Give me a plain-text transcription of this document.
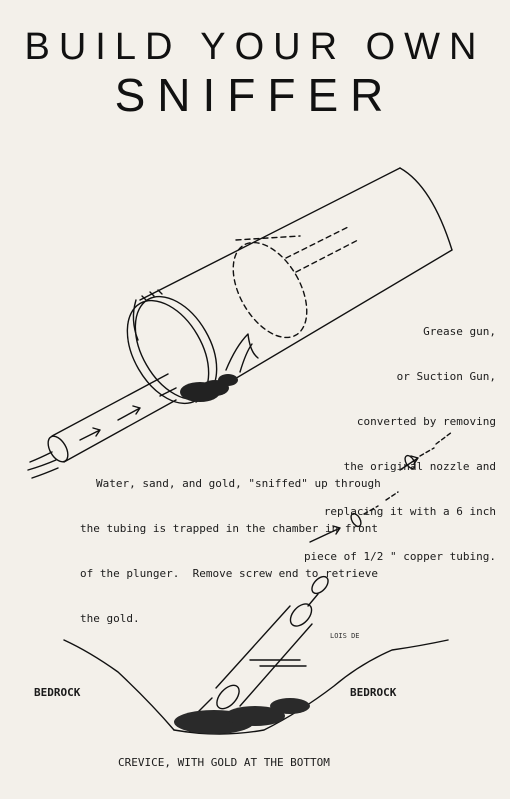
BUILD YOUR OWN
SNIFFER

Grease gun,

or Suction Gun,

converted by removing

the original nozzle and

replacing it with a 6 inch

piece of 1/2 " copper tubing.

Water, sand, and gold, "sniffed" up through

the tubing is trapped in the chamber in front

of the plunger.  Remove screw end to retrieve

the gold.

BEDROCK	BEDROCK
CREVICE, WITH GOLD AT THE BOTTOM
LOIS DE
